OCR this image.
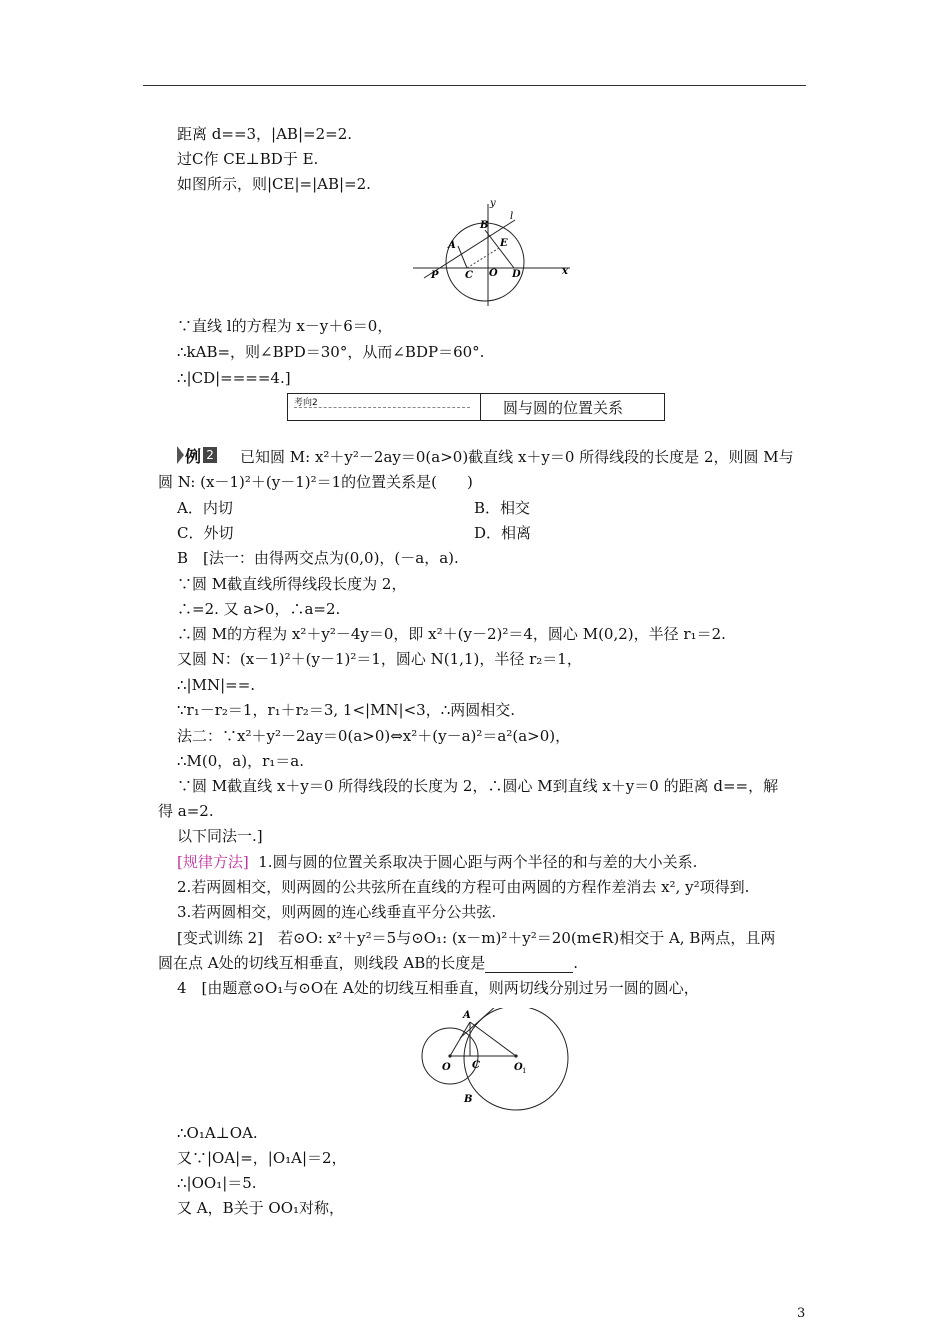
距离 d==3，|AB|=2=2.
过C作 CE⊥BD于 E.
如图所示，则|CE|=|AB|=2.
y
l
B
A	E
P	C O D	x
∵直线 l的方程为 x－y＋6＝0，
∴kAB=，则∠BPD＝30°，从而∠BDP＝60°.
∴|CD|====4.]
考向2	圆与圆的位置关系
例 2 已知圆 M: x²＋y²－2ay＝0(a>0)截直线 x＋y＝0 所得线段的长度是 2，则圆 M与
圆 N: (x－1)²＋(y－1)²＝1的位置关系是(　　)
A．内切	B．相交
C．外切	D．相离
B　[法一：由得两交点为(0,0)，(－a，a).
∵圆 M截直线所得线段长度为 2，
∴=2. 又 a>0，∴a=2.
∴圆 M的方程为 x²＋y²－4y＝0，即 x²＋(y－2)²＝4，圆心 M(0,2)，半径 r₁＝2.
又圆 N：(x－1)²＋(y－1)²＝1，圆心 N(1,1)，半径 r₂＝1，
∴|MN|==.
∵r₁－r₂＝1，r₁＋r₂＝3, 1<|MN|<3，∴两圆相交.
法二：∵x²＋y²－2ay＝0(a>0)⇔x²＋(y－a)²＝a²(a>0)，
∴M(0，a)，r₁＝a.
∵圆 M截直线 x＋y＝0 所得线段的长度为 2，∴圆心 M到直线 x＋y＝0 的距离 d==，解
得 a=2.
以下同法一.]
[规律方法] 1.圆与圆的位置关系取决于圆心距与两个半径的和与差的大小关系.
2.若两圆相交，则两圆的公共弦所在直线的方程可由两圆的方程作差消去 x², y²项得到.
3.若两圆相交，则两圆的连心线垂直平分公共弦.
[变式训练 2]　若⊙O: x²＋y²＝5与⊙O₁: (x－m)²＋y²＝20(m∈R)相交于 A, B两点，且两
圆在点 A处的切线互相垂直，则线段 AB的长度是	.
4　[由题意⊙O₁与⊙O在 A处的切线互相垂直，则两切线分别过另一圆的圆心，
A
O C	O 1
B
∴O₁A⊥OA.
又∵|OA|=，|O₁A|＝2，
∴|OO₁|＝5.
又 A，B关于 OO₁对称，
3
